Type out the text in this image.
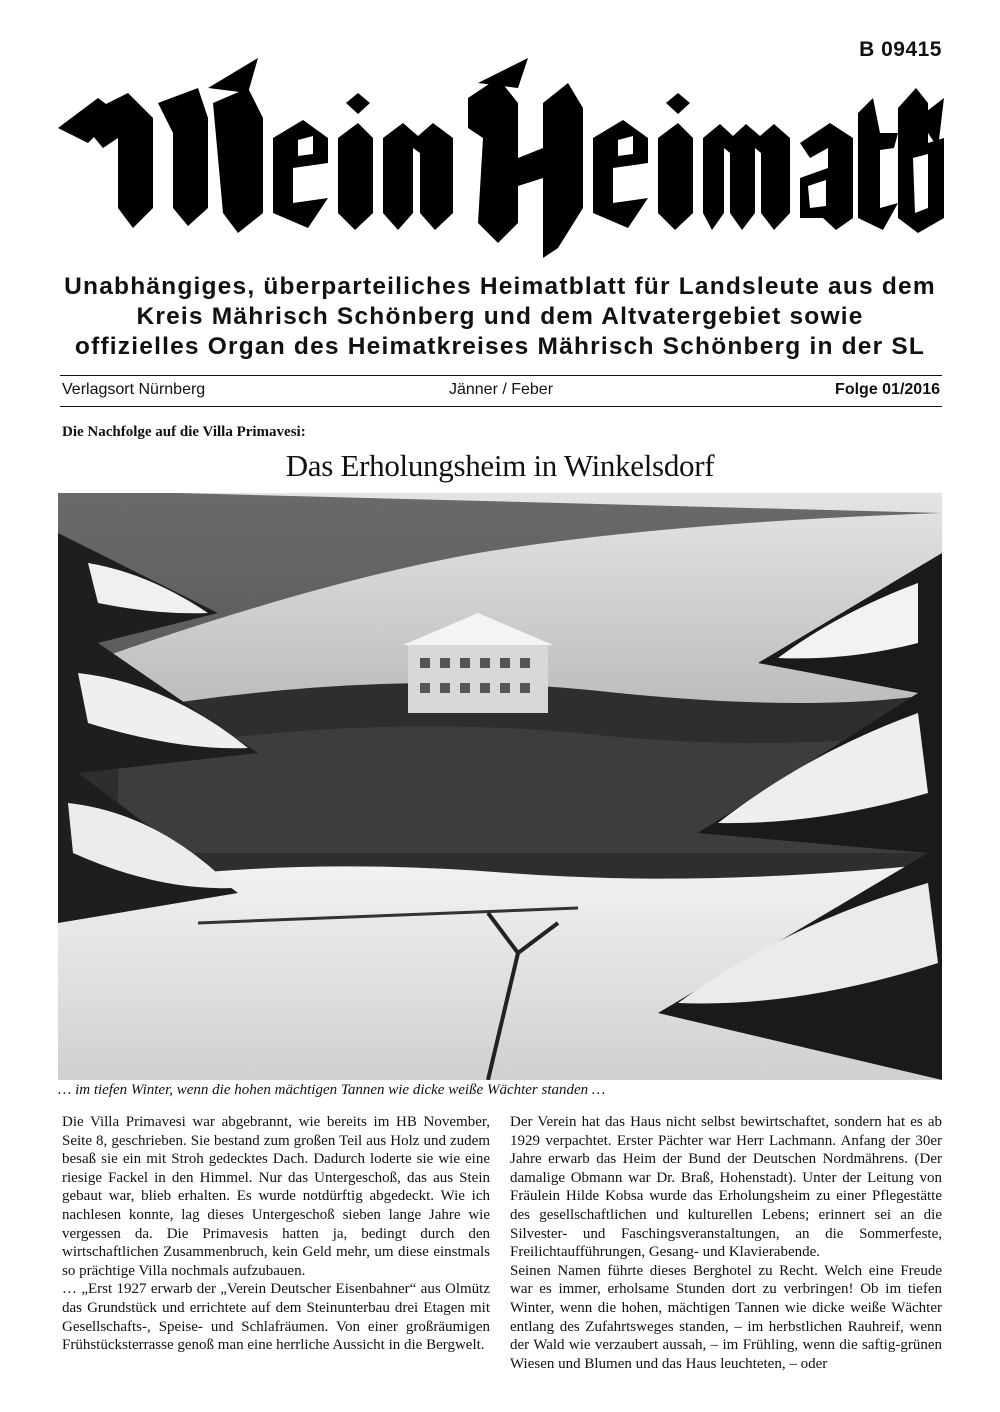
B 09415
Unabhängiges, überparteiliches Heimatblatt für Landsleute aus dem
Kreis Mährisch Schönberg und dem Altvatergebiet sowie
offizielles Organ des Heimatkreises Mährisch Schönberg in der SL
Verlagsort Nürnberg	Jänner / Feber	Folge 01/2016
Die Nachfolge auf die Villa Primavesi:
Das Erholungsheim in Winkelsdorf
… im tiefen Winter, wenn die hohen mächtigen Tannen wie dicke weiße Wächter standen …

Die Villa Primavesi war abgebrannt, wie bereits im HB November, Seite 8, geschrieben. Sie bestand zum großen Teil aus Holz und zudem besaß sie ein mit Stroh gedecktes Dach. Dadurch loderte sie wie eine riesige Fackel in den Himmel. Nur das Untergeschoß, das aus Stein gebaut war, blieb erhalten. Es wurde notdürftig abgedeckt. Wie ich nachlesen konnte, lag dieses Untergeschoß sieben lange Jahre wie vergessen da. Die Primavesis hatten ja, bedingt durch den wirtschaftlichen Zusammenbruch, kein Geld mehr, um diese einstmals so prächtige Villa nochmals aufzubauen.

… „Erst 1927 erwarb der „Verein Deutscher Eisenbahner“ aus Olmütz das Grundstück und errichtete auf dem Steinunterbau drei Etagen mit Gesellschafts-, Speise- und Schlafräumen. Von einer großräumigen Frühstücksterrasse genoß man eine herrliche Aussicht in die Bergwelt.

Der Verein hat das Haus nicht selbst bewirtschaftet, sondern hat es ab 1929 verpachtet. Erster Pächter war Herr Lachmann. Anfang der 30er Jahre erwarb das Heim der Bund der Deutschen Nordmährens. (Der damalige Obmann war Dr. Braß, Hohenstadt). Unter der Leitung von Fräulein Hilde Kobsa wurde das Erholungsheim zu einer Pflegestätte des gesellschaftlichen und kulturellen Lebens; erinnert sei an die Silvester- und Faschingsveranstaltungen, an die Sommerfeste, Freilichtaufführungen, Gesang- und Klavierabende.

Seinen Namen führte dieses Berghotel zu Recht. Welch eine Freude war es immer, erholsame Stunden dort zu verbringen! Ob im tiefen Winter, wenn die hohen, mächtigen Tannen wie dicke weiße Wächter entlang des Zufahrtsweges standen, – im herbstlichen Rauhreif, wenn der Wald wie verzaubert aussah, – im Frühling, wenn die saftig-grünen Wiesen und Blumen und das Haus leuchteten, – oder
